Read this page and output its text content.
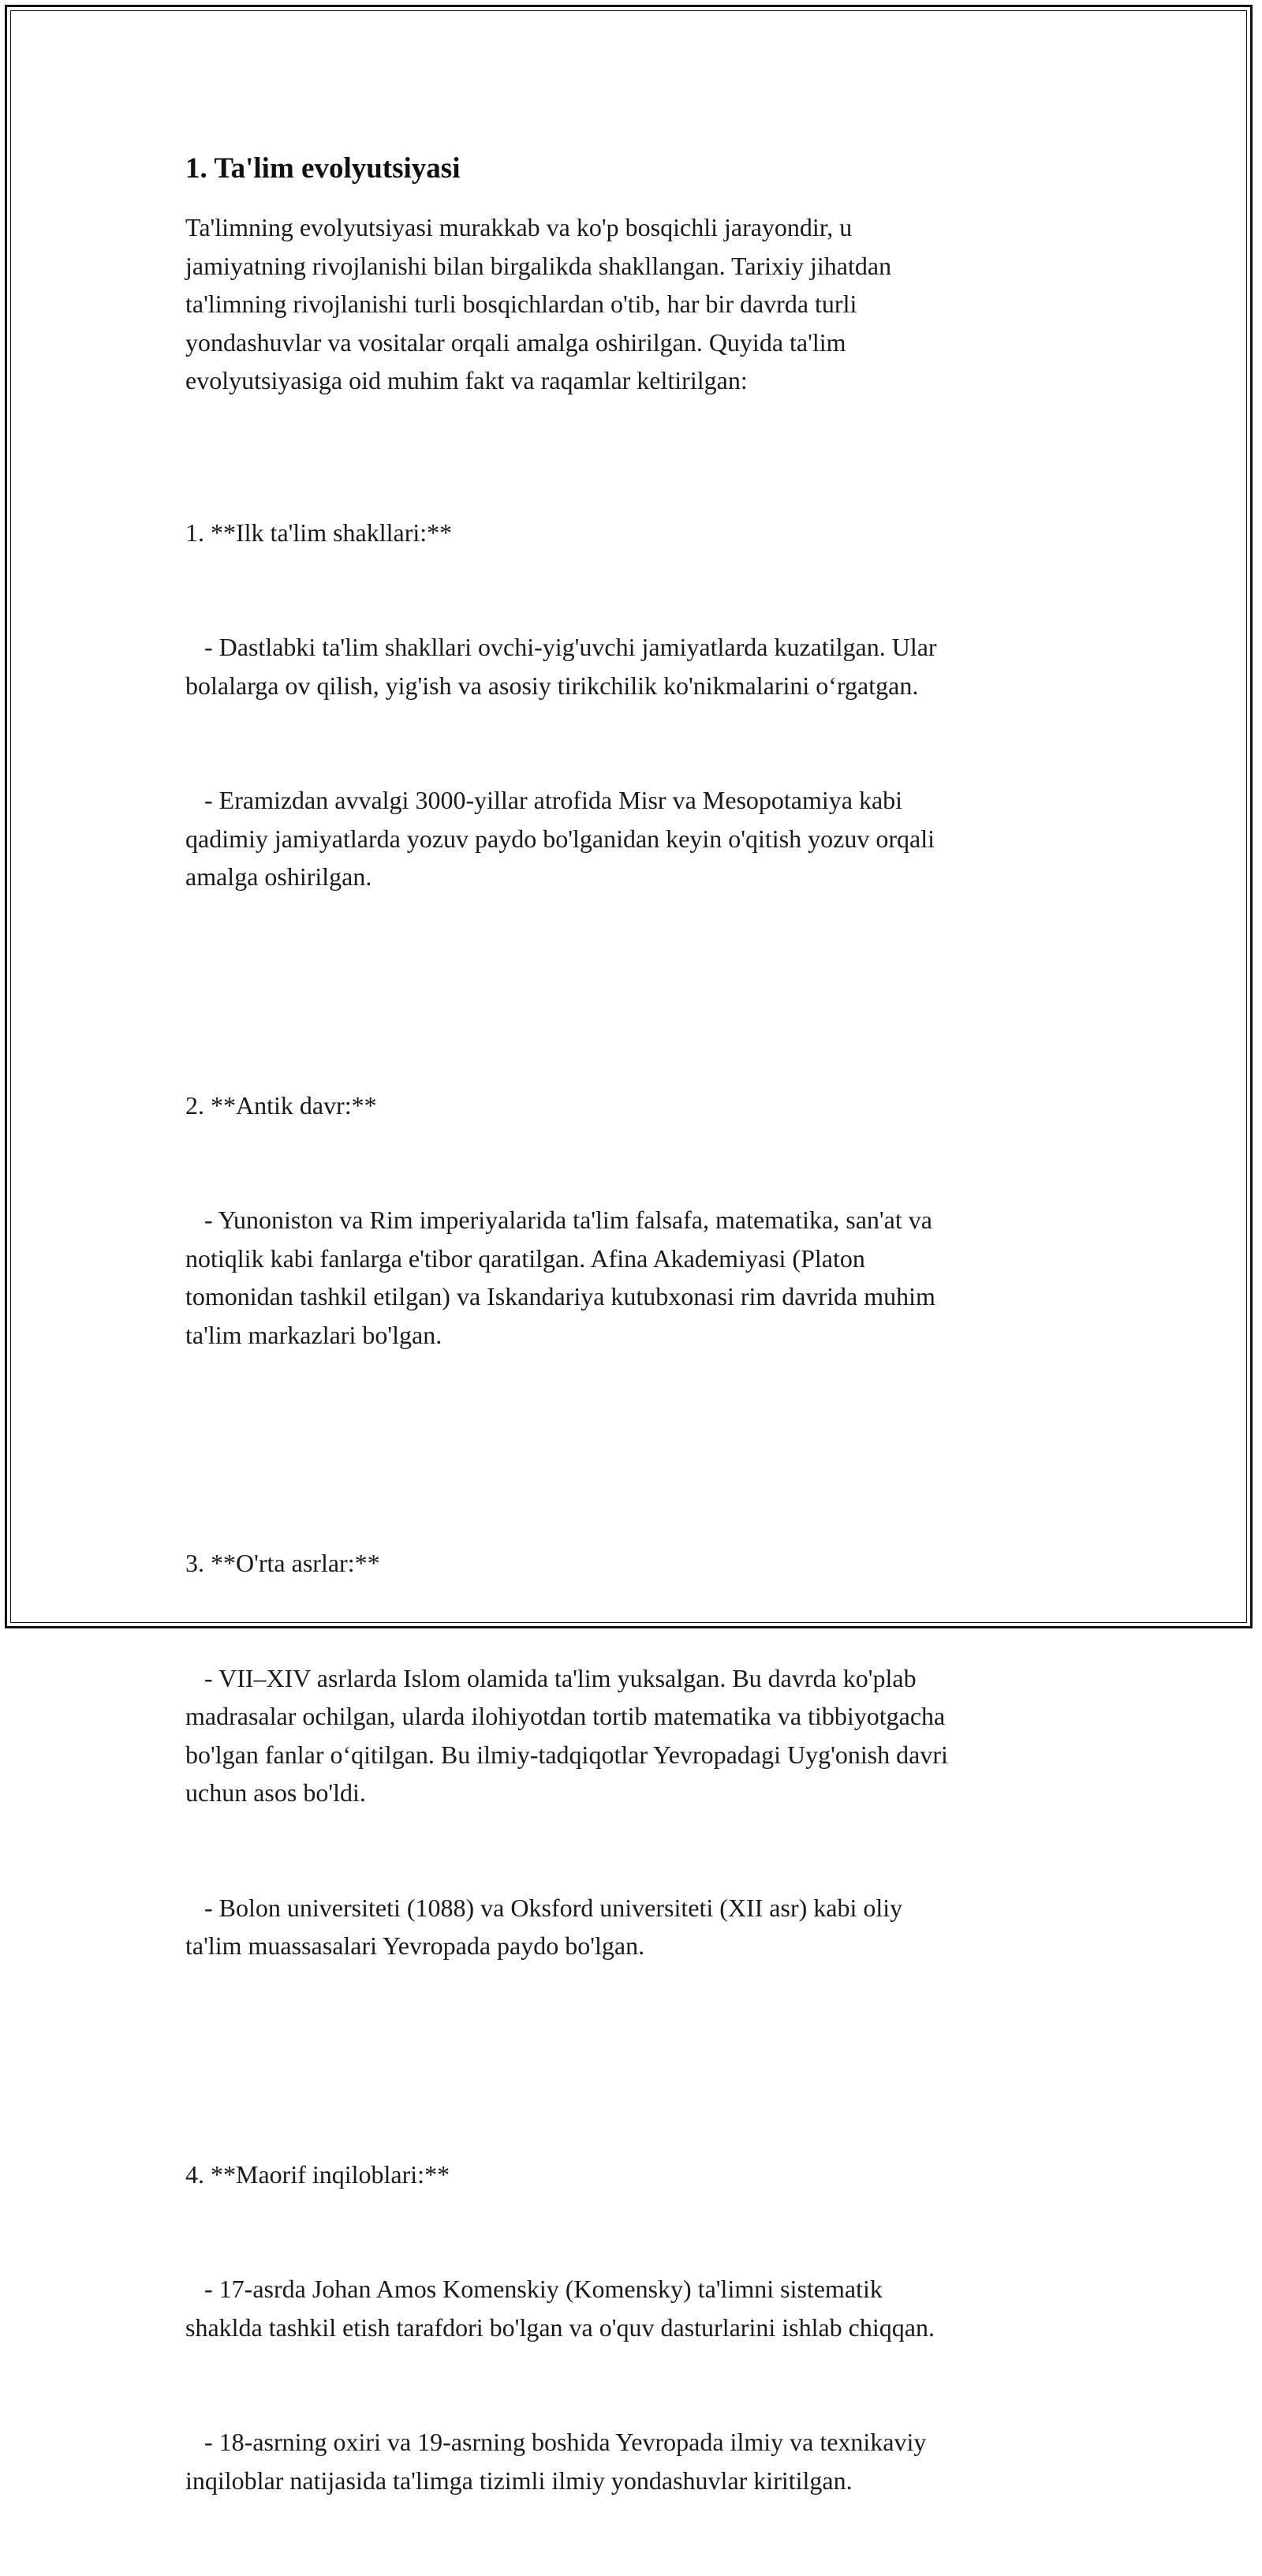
1. Ta'lim evolyutsiyasi

Ta'limning evolyutsiyasi murakkab va ko'p bosqichli jarayondir, u
jamiyatning rivojlanishi bilan birgalikda shakllangan. Tarixiy jihatdan
ta'limning rivojlanishi turli bosqichlardan o'tib, har bir davrda turli
yondashuvlar va vositalar orqali amalga oshirilgan. Quyida ta'lim
evolyutsiyasiga oid muhim fakt va raqamlar keltirilgan:

1. **Ilk ta'lim shakllari:**

- Dastlabki ta'lim shakllari ovchi-yig'uvchi jamiyatlarda kuzatilgan. Ular
bolalarga ov qilish, yig'ish va asosiy tirikchilik ko'nikmalarini o‘rgatgan.

- Eramizdan avvalgi 3000-yillar atrofida Misr va Mesopotamiya kabi
qadimiy jamiyatlarda yozuv paydo bo'lganidan keyin o'qitish yozuv orqali
amalga oshirilgan.

2. **Antik davr:**

- Yunoniston va Rim imperiyalarida ta'lim falsafa, matematika, san'at va
notiqlik kabi fanlarga e'tibor qaratilgan. Afina Akademiyasi (Platon
tomonidan tashkil etilgan) va Iskandariya kutubxonasi rim davrida muhim
ta'lim markazlari bo'lgan.

3. **O'rta asrlar:**

- VII–XIV asrlarda Islom olamida ta'lim yuksalgan. Bu davrda ko'plab
madrasalar ochilgan, ularda ilohiyotdan tortib matematika va tibbiyotgacha
bo'lgan fanlar o‘qitilgan. Bu ilmiy-tadqiqotlar Yevropadagi Uyg'onish davri
uchun asos bo'ldi.

- Bolon universiteti (1088) va Oksford universiteti (XII asr) kabi oliy
ta'lim muassasalari Yevropada paydo bo'lgan.

4. **Maorif inqiloblari:**

- 17-asrda Johan Amos Komenskiy (Komensky) ta'limni sistematik
shaklda tashkil etish tarafdori bo'lgan va o'quv dasturlarini ishlab chiqqan.

- 18-asrning oxiri va 19-asrning boshida Yevropada ilmiy va texnikaviy
inqiloblar natijasida ta'limga tizimli ilmiy yondashuvlar kiritilgan.
